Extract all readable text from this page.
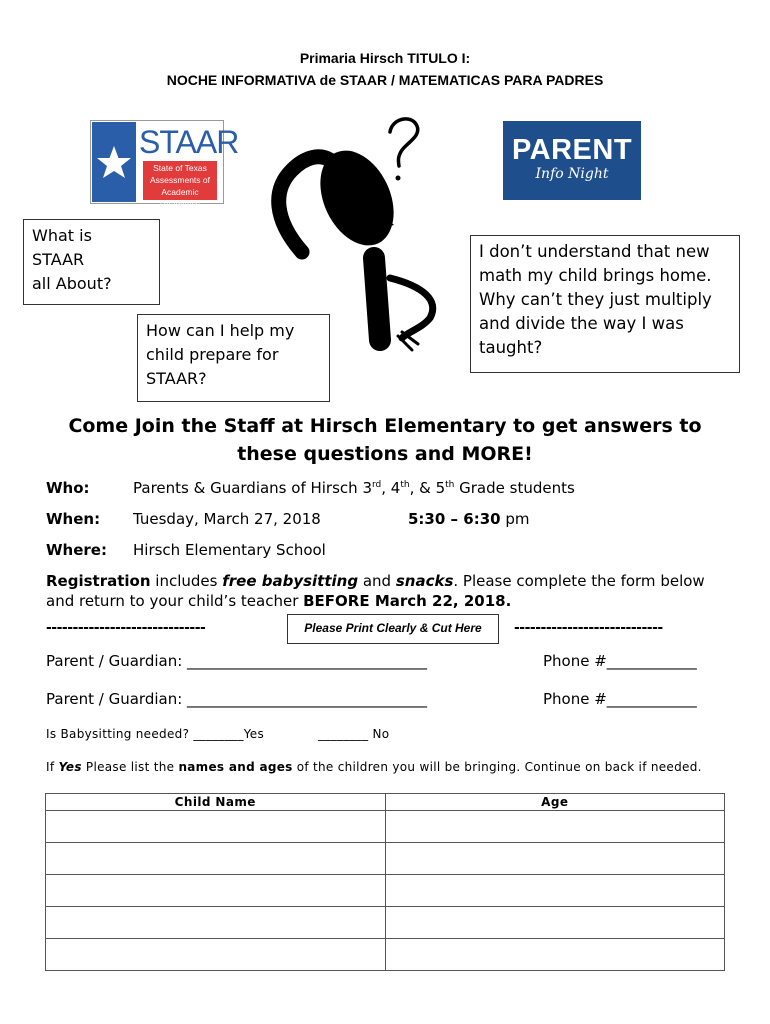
Primaria Hirsch TITULO I:
NOCHE INFORMATIVA de STAAR / MATEMATICAS PARA PADRES
STAAR
State of Texas
Assessments of
Academic Readiness
PARENT
Info Night
What is
STAAR
all About?
How can I help my
child prepare for
STAAR?
I don’t understand that new
math my child brings home.
Why can’t they just multiply
and divide the way I was
taught?
Come Join the Staff at Hirsch Elementary to get answers to
these questions and MORE!
Who:	Parents & Guardians of Hirsch 3rd, 4th, & 5th Grade students
When: Tuesday, March 27, 2018	5:30 – 6:30 pm
Where: Hirsch Elementary School
Registration includes free babysitting and snacks. Please complete the form below
and return to your child’s teacher BEFORE March 22, 2018.
------------------------------	Please Print Clearly & Cut Here	----------------------------
Parent / Guardian: ________________________________	Phone #____________
Parent / Guardian: ________________________________	Phone #____________
Is Babysitting needed? ________Yes	________ No
If Yes Please list the names and ages of the children you will be bringing. Continue on back if needed.
Child Name	Age
